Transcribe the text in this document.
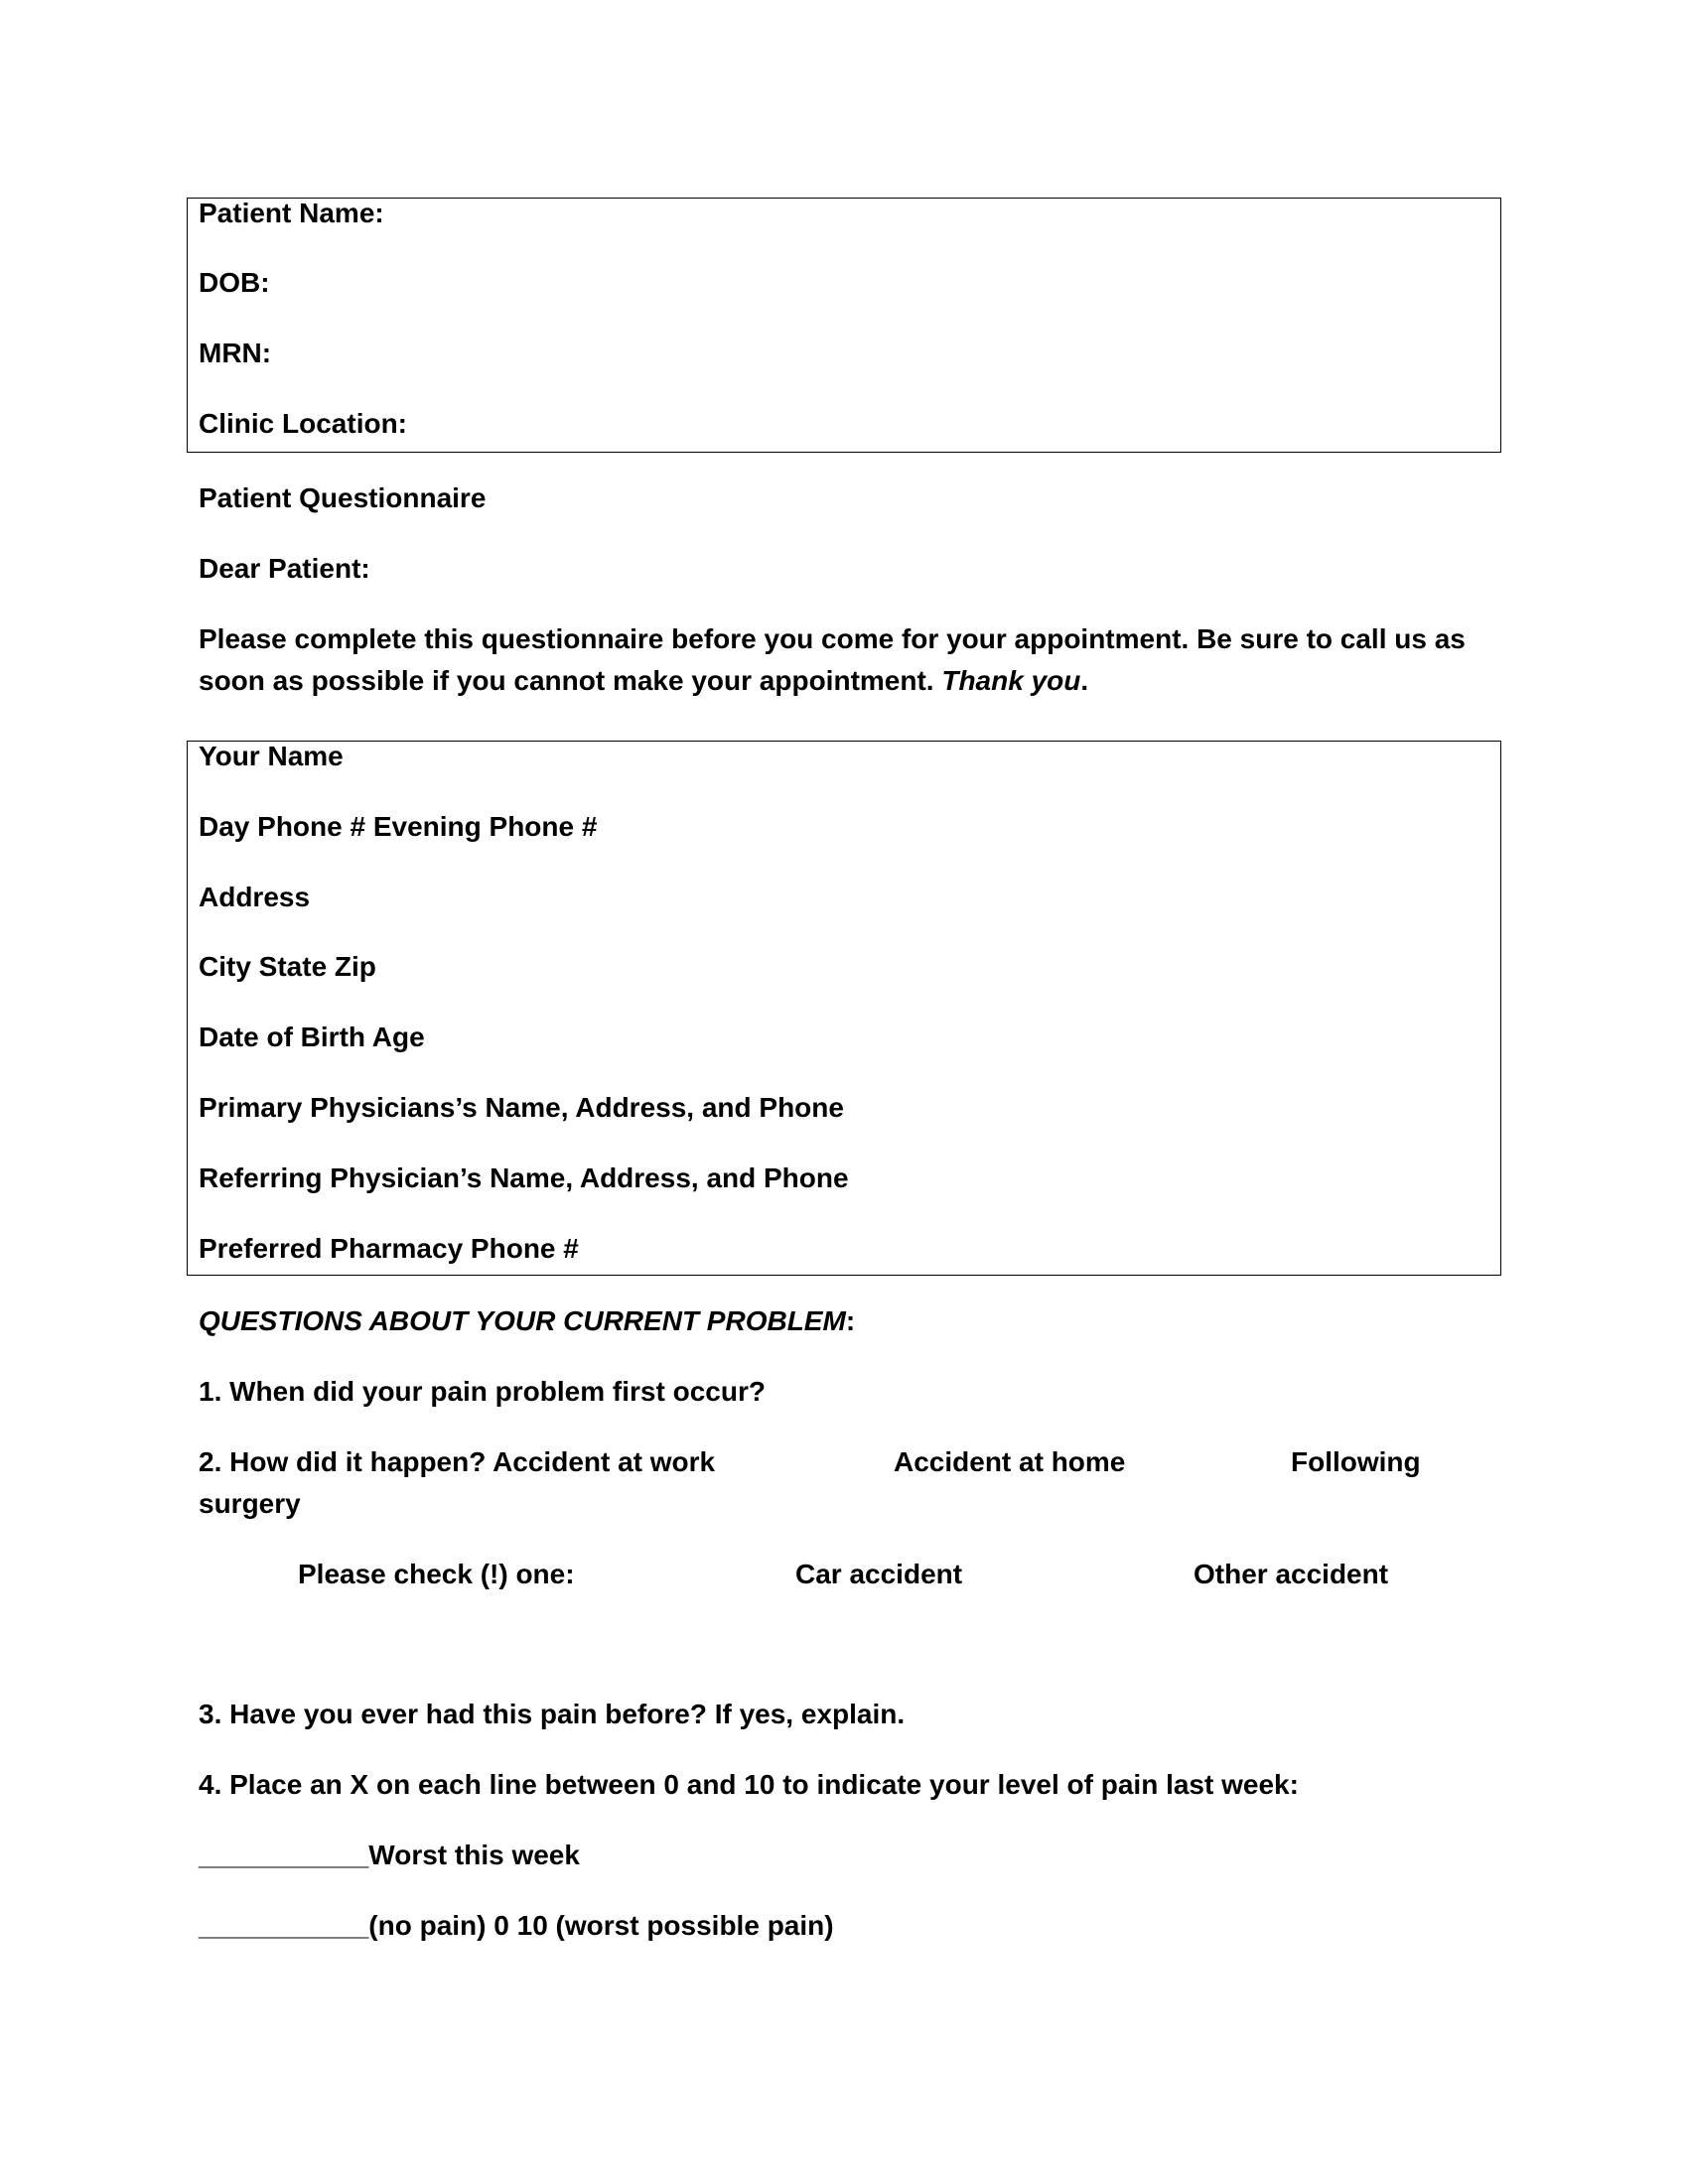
Patient Name:
DOB:
MRN:
Clinic Location:
Patient Questionnaire
Dear Patient:
Please complete this questionnaire before you come for your appointment. Be sure to call us as soon as possible if you cannot make your appointment. Thank you.
Your Name
Day Phone # Evening Phone #
Address
City State Zip
Date of Birth Age
Primary Physicians’s Name, Address, and Phone
Referring Physician’s Name, Address, and Phone
Preferred Pharmacy Phone #
QUESTIONS ABOUT YOUR CURRENT PROBLEM:
1. When did your pain problem first occur?
2. How did it happen? Accident at work	Accident at home	Following
surgery
Please check (!) one:	Car accident	Other accident
3. Have you ever had this pain before? If yes, explain.
4. Place an X on each line between 0 and 10 to indicate your level of pain last week:
___________Worst this week
___________(no pain) 0 10 (worst possible pain)
